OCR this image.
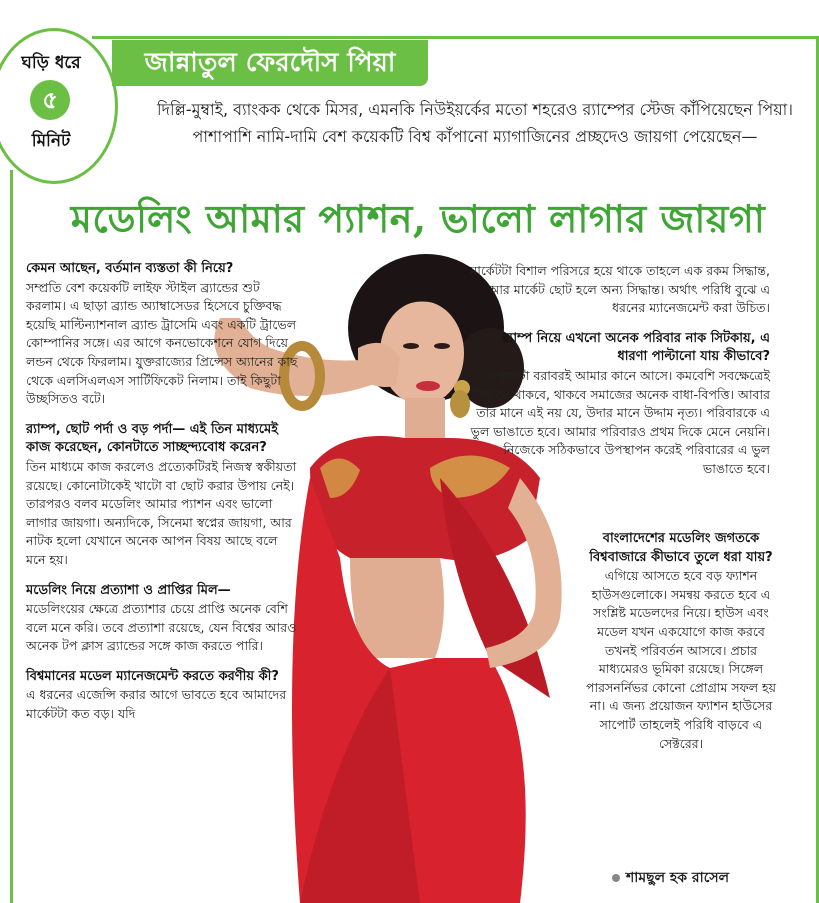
ঘড়ি ধরে
৫
মিনিট
জান্নাতুল ফেরদৌস পিয়া
দিল্লি-মুম্বাই, ব্যাংকক থেকে মিসর, এমনকি নিউইয়র্কের মতো শহরেও র‍্যাম্পের স্টেজ কাঁপিয়েছেন পিয়া। পাশাপাশি নামি-দামি বেশ কয়েকটি বিশ্ব কাঁপানো ম্যাগাজিনের প্রচ্ছদেও জায়গা পেয়েছেন—
মডেলিং আমার প্যাশন, ভালো লাগার জায়গা

কেমন আছেন, বর্তমান ব্যস্ততা কী নিয়ে?
সম্প্রতি বেশ কয়েকটি লাইফ স্টাইল ব্র্যান্ডের শুট করলাম। এ ছাড়া ব্র্যান্ড অ্যাম্বাসেডর হিসেবে চুক্তিবদ্ধ হয়েছি মাল্টিন্যাশনাল ব্র্যান্ড ট্রাসেমি এবং একটি ট্রাভেল কোম্পানির সঙ্গে। এর আগে কনভোকেশনে যোগ দিয়ে লন্ডন থেকে ফিরলাম। যুক্তরাজ্যের প্রিন্সেস অ্যানের কাছ থেকে এলসিএলএস সার্টিফিকেট নিলাম। তাই কিছুটা উচ্ছসিতও বটে।

র‍্যাম্প, ছোট পর্দা ও বড় পর্দা— এই তিন মাধ্যমেই কাজ করেছেন, কোনটাতে সাচ্ছন্দ্যবোধ করেন?
তিন মাধ্যমে কাজ করলেও প্রত্যেকটিরই নিজস্ব স্বকীয়তা রয়েছে। কোনোটাকেই খাটো বা ছোট করার উপায় নেই। তারপরও বলব মডেলিং আমার প্যাশন এবং ভালো লাগার জায়গা। অন্যদিকে, সিনেমা স্বপ্নের জায়গা, আর নাটক হলো যেখানে অনেক আপন বিষয় আছে বলে মনে হয়।

মডেলিং নিয়ে প্রত্যাশা ও প্রাপ্তির মিল—
মডেলিংয়ের ক্ষেত্রে প্রত্যাশার চেয়ে প্রাপ্তি অনেক বেশি বলে মনে করি। তবে প্রত্যাশা রয়েছে, যেন বিশ্বের আরও অনেক টপ ক্লাস ব্র্যান্ডের সঙ্গে কাজ করতে পারি।

বিশ্বমানের মডেল ম্যানেজমেন্ট করতে করণীয় কী?
এ ধরনের এজেন্সি করার আগে ভাবতে হবে আমাদের মার্কেটটা কত বড়। যদি

মার্কেটটা বিশাল পরিসরে হয়ে থাকে তাহলে এক রকম সিদ্ধান্ত, আর মার্কেট ছোট হলে অন্য সিদ্ধান্ত। অর্থাৎ পরিধি বুঝে এ ধরনের ম্যানেজমেন্ট করা উচিত।

র‍্যাম্প নিয়ে এখনো অনেক পরিবার নাক সিটকায়, এ ধারণা পাল্টানো যায় কীভাবে?
এ কথাটা বরাবরই আমার কানে আসে। কমবেশি সবক্ষেত্রেই পিছুটান থাকবে, থাকবে সমাজের অনেক বাধা-বিপত্তি। আবার তার মানে এই নয় যে, উদার মানে উদ্দাম নৃত্য। পরিবারকে এ ভুল ভাঙাতে হবে। আমার পরিবারও প্রথম দিকে মেনে নেয়নি। নিজেকে সঠিকভাবে উপস্থাপন করেই পরিবারের এ ভুল ভাঙাতে হবে।

বাংলাদেশের মডেলিং জগতকে বিশ্ববাজারে কীভাবে তুলে ধরা যায়?
এগিয়ে আসতে হবে বড় ফ্যাশন হাউসগুলোকে। সমন্বয় করতে হবে এ সংশ্লিষ্ট মডেলদের নিয়ে। হাউস এবং মডেল যখন একযোগে কাজ করবে তখনই পরিবর্তন আসবে। প্রচার মাধ্যমেরও ভূমিকা রয়েছে। সিঙ্গেল পারসনর্নিভর কোনো প্রোগ্রাম সফল হয় না। এ জন্য প্রয়োজন ফ্যাশন হাউসের সাপোর্ট তাহলেই পরিধি বাড়বে এ সেক্টরের।

শামছুল হক রাসেল
